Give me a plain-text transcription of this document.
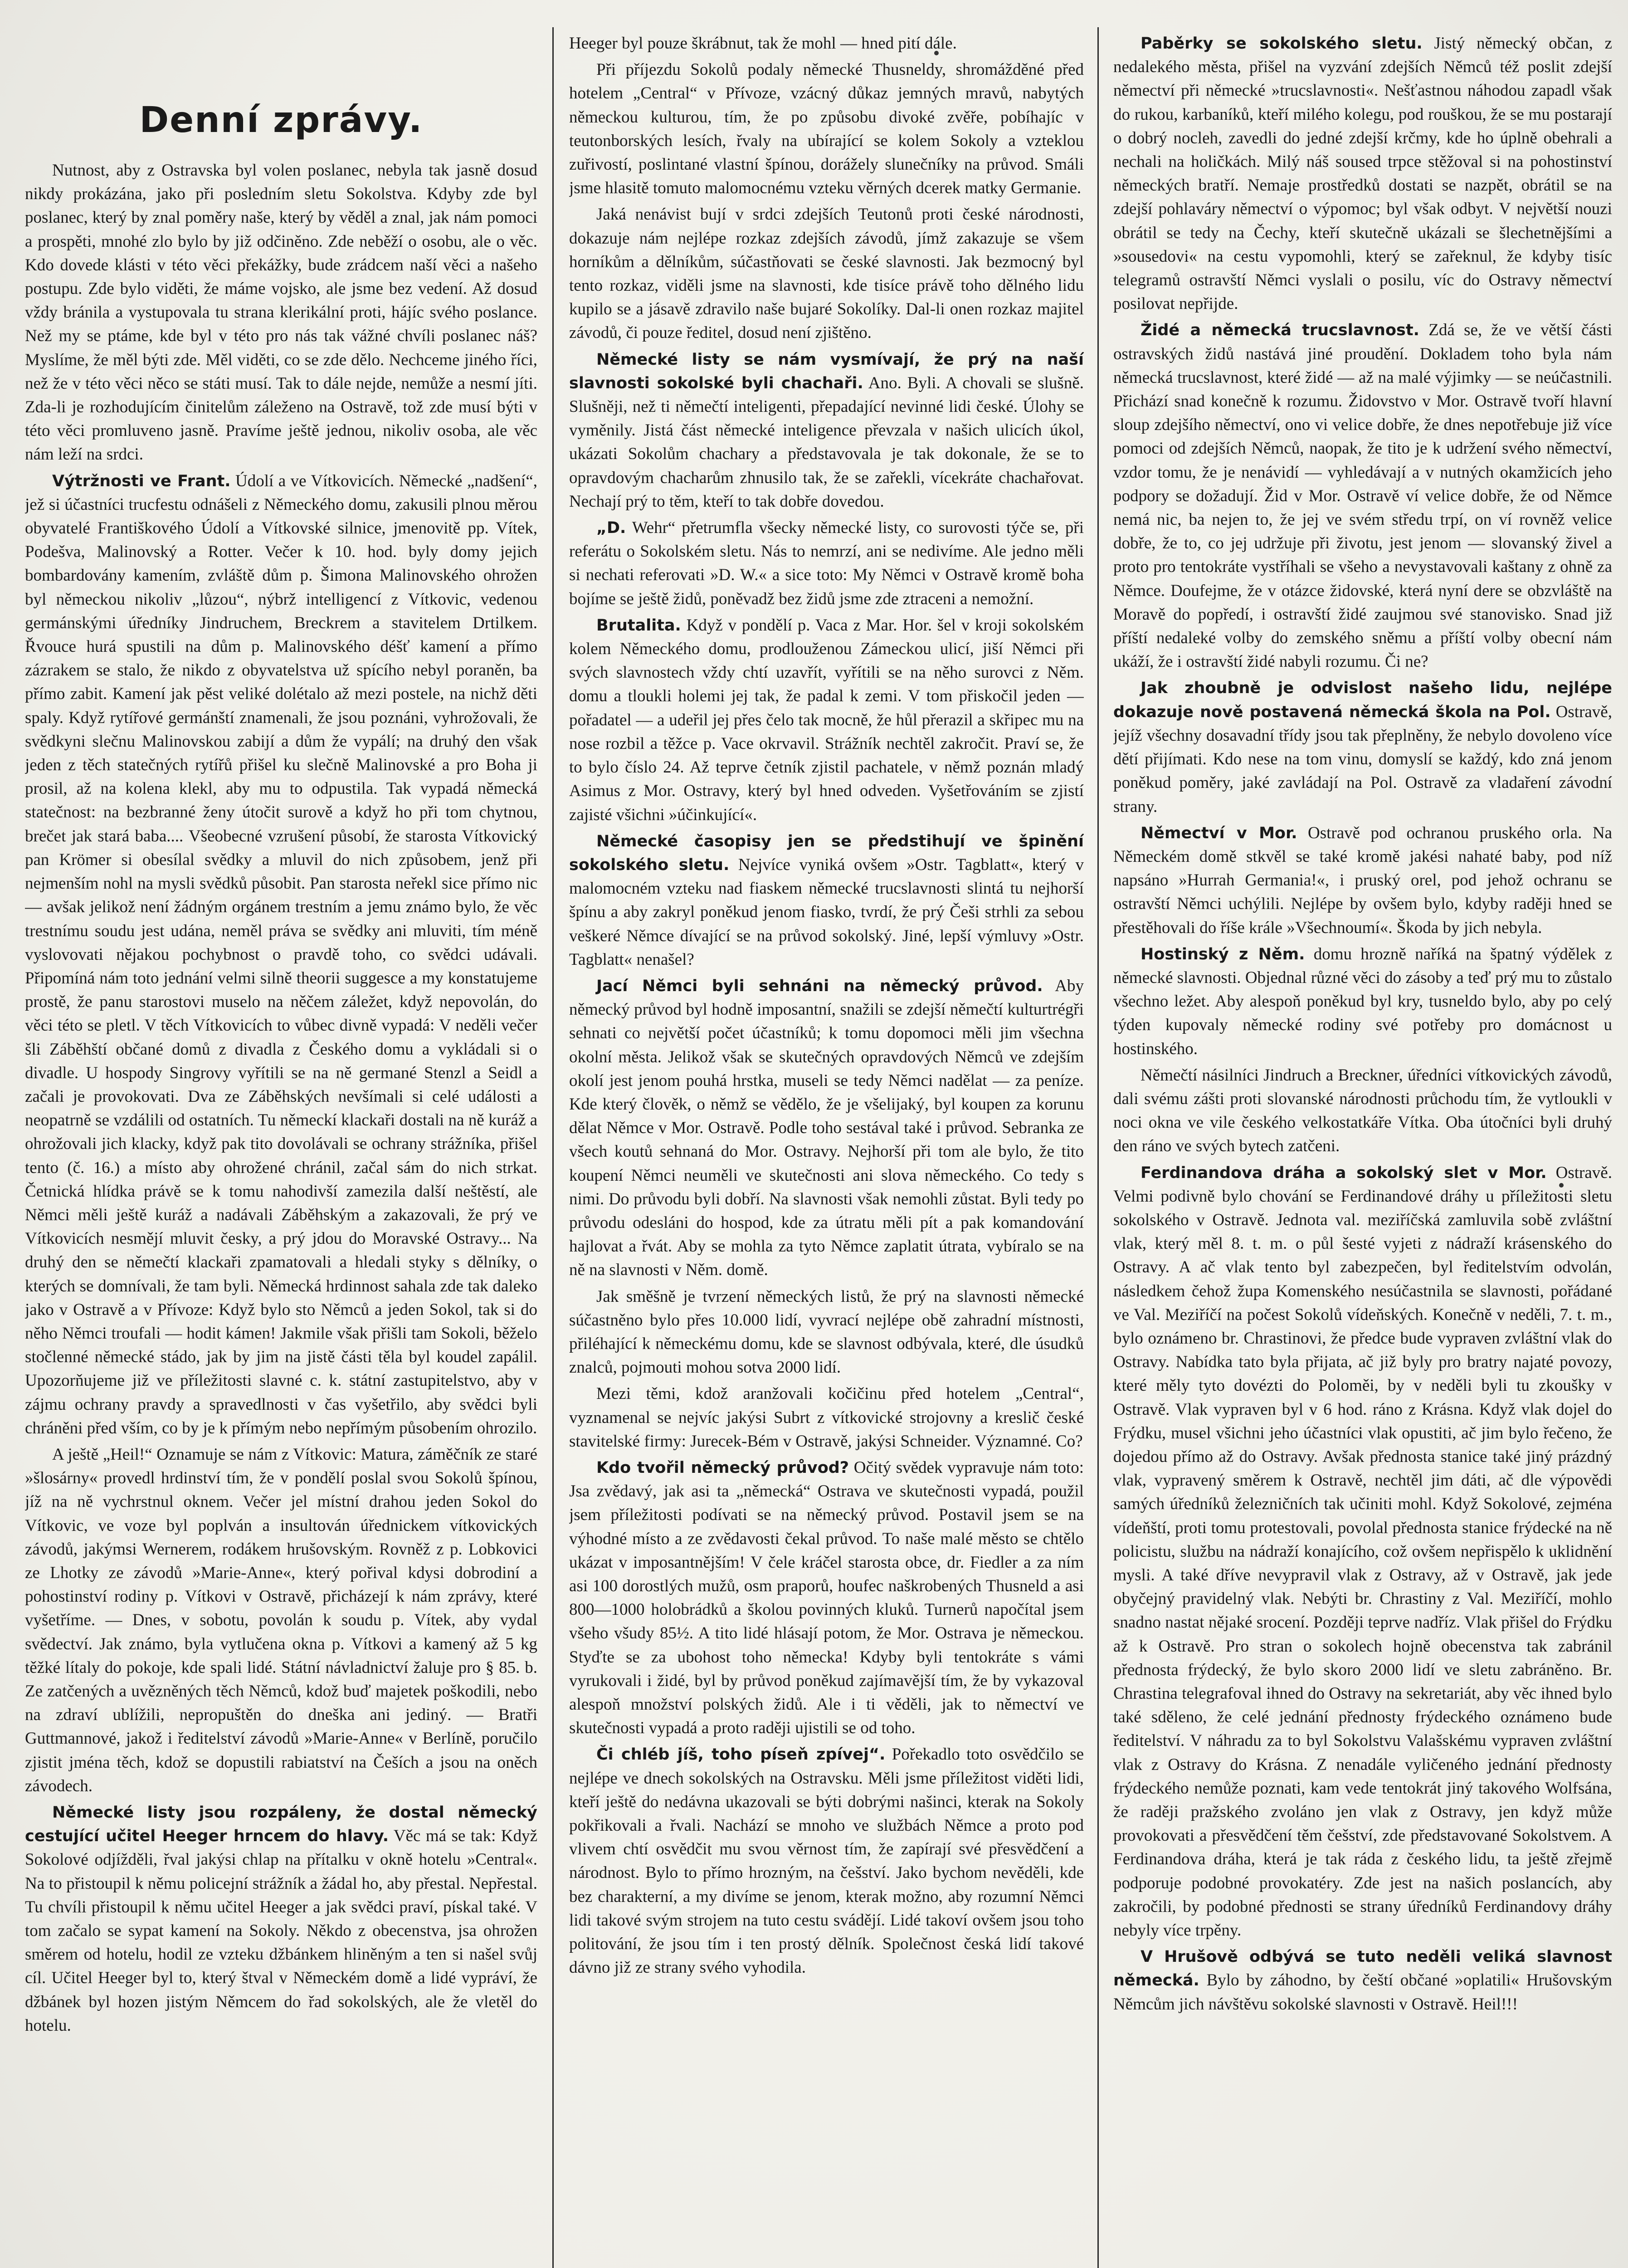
Denní zprávy.

Nutnost, aby z Ostravska byl volen poslanec, nebyla tak jasně dosud nikdy prokázána, jako při posledním sletu Sokolstva. Kdyby zde byl poslanec, který by znal poměry naše, který by věděl a znal, jak nám pomoci a prospěti, mnohé zlo bylo by již odčiněno. Zde neběží o osobu, ale o věc. Kdo dovede klásti v této věci překážky, bude zrádcem naší věci a našeho postupu. Zde bylo viděti, že máme vojsko, ale jsme bez vedení. Až dosud vždy bránila a vystupovala tu strana klerikální proti, hájíc svého poslance. Než my se ptáme, kde byl v této pro nás tak vážné chvíli poslanec náš? Myslíme, že měl býti zde. Měl viděti, co se zde dělo. Nechceme jiného říci, než že v této věci něco se státi musí. Tak to dále nejde, nemůže a nesmí jíti. Zda-li je rozhodujícím činitelům záleženo na Ostravě, tož zde musí býti v této věci promluveno jasně. Pravíme ještě jednou, nikoliv osoba, ale věc nám leží na srdci.

Výtržnosti ve Frant. Údolí a ve Vítkovicích. Německé „nadšení“, jež si účastníci trucfestu odnášeli z Německého domu, zakusili plnou měrou obyvatelé Františkového Údolí a Vítkovské silnice, jmenovitě pp. Vítek, Podešva, Malinovský a Rotter. Večer k 10. hod. byly domy jejich bombardovány kamením, zvláště dům p. Šimona Malinovského ohrožen byl německou nikoliv „lůzou“, nýbrž intelligencí z Vítkovic, vedenou germánskými úředníky Jindruchem, Breckrem a stavitelem Drtilkem. Řvouce hurá spustili na dům p. Malinovského déšť kamení a přímo zázrakem se stalo, že nikdo z obyvatelstva už spícího nebyl poraněn, ba přímo zabit. Kamení jak pěst veliké dolétalo až mezi postele, na nichž děti spaly. Když rytířové germánští znamenali, že jsou poznáni, vyhrožovali, že svědkyni slečnu Malinovskou zabijí a dům že vypálí; na druhý den však jeden z těch statečných rytířů přišel ku slečně Malinovské a pro Boha ji prosil, až na kolena klekl, aby mu to odpustila. Tak vypadá německá statečnost: na bezbranné ženy útočit surově a když ho při tom chytnou, brečet jak stará baba.... Všeobecné vzrušení působí, že starosta Vítkovický pan Krömer si obesílal svědky a mluvil do nich způsobem, jenž při nejmenším nohl na mysli svědků působit. Pan starosta neřekl sice přímo nic — avšak jelikož není žádným orgánem trestním a jemu známo bylo, že věc trestnímu soudu jest udána, neměl práva se svědky ani mluviti, tím méně vyslovovati nějakou pochybnost o pravdě toho, co svědci udávali. Připomíná nám toto jednání velmi silně theorii suggesce a my konstatujeme prostě, že panu starostovi muselo na něčem záležet, když nepovolán, do věci této se pletl. V těch Vítkovicích to vůbec divně vypadá: V neděli večer šli Záběhští občané domů z divadla z Českého domu a vykládali si o divadle. U hospody Singrovy vyřítili se na ně germané Stenzl a Seidl a začali je provokovati. Dva ze Záběhských nevšímali si celé události a neopatrně se vzdálili od ostatních. Tu německí klackaři dostali na ně kuráž a ohrožovali jich klacky, když pak tito dovolávali se ochrany strážníka, přišel tento (č. 16.) a místo aby ohrožené chránil, začal sám do nich strkat. Četnická hlídka právě se k tomu nahodivší zamezila další neštěstí, ale Němci měli ještě kuráž a nadávali Záběhským a zakazovali, že prý ve Vítkovicích nesmějí mluvit česky, a prý jdou do Moravské Ostravy... Na druhý den se němečtí klackaři zpamatovali a hledali styky s dělníky, o kterých se domnívali, že tam byli. Německá hrdinnost sahala zde tak daleko jako v Ostravě a v Přívoze: Když bylo sto Němců a jeden Sokol, tak si do něho Němci troufali — hodit kámen! Jakmile však přišli tam Sokoli, běželo stočlenné německé stádo, jak by jim na jistě části těla byl koudel zapálil. Upozorňujeme již ve příležitosti slavné c. k. státní zastupitelstvo, aby v zájmu ochrany pravdy a spravedlnosti v čas vyšetřilo, aby svědci byli chráněni před vším, co by je k přímým nebo nepřímým působením ohrozilo.

A ještě „Heil!“ Oznamuje se nám z Vítkovic: Matura, záměčník ze staré »šlosárny« provedl hrdinství tím, že v pondělí poslal svou Sokolů špínou, jíž na ně vychrstnul oknem. Večer jel místní drahou jeden Sokol do Vítkovic, ve voze byl poplván a insultován úřednickem vítkovických závodů, jakýmsi Wernerem, rodákem hrušovským. Rovněž z p. Lobkovici ze Lhotky ze závodů »Marie-Anne«, který pořival kdysi dobrodiní a pohostinství rodiny p. Vítkovi v Ostravě, přicházejí k nám zprávy, které vyšetříme. — Dnes, v sobotu, povolán k soudu p. Vítek, aby vydal svědectví. Jak známo, byla vytlučena okna p. Vítkovi a kamený až 5 kg těžké lítaly do pokoje, kde spali lidé. Státní návladnictví žaluje pro § 85. b. Ze zatčených a uvězněných těch Němců, kdož buď majetek poškodili, nebo na zdraví ublížili, nepropuštěn do dneška ani jediný. — Bratři Guttmannové, jakož i ředitelství závodů »Marie-Anne« v Berlíně, poručilo zjistit jména těch, kdož se dopustili rabiatství na Češích a jsou na oněch závodech.

Německé listy jsou rozpáleny, že dostal německý cestující učitel Heeger hrncem do hlavy. Věc má se tak: Když Sokolové odjížděli, řval jakýsi chlap na přítalku v okně hotelu »Central«. Na to přistoupil k němu policejní strážník a žádal ho, aby přestal. Nepřestal. Tu chvíli přistoupil k němu učitel Heeger a jak svědci praví, pískal také. V tom začalo se sypat kamení na Sokoly. Někdo z obecenstva, jsa ohrožen směrem od hotelu, hodil ze vzteku džbánkem hliněným a ten si našel svůj cíl. Učitel Heeger byl to, který štval v Německém domě a lidé vypráví, že džbánek byl hozen jistým Němcem do řad sokolských, ale že vletěl do hotelu.

Heeger byl pouze škrábnut, tak že mohl — hned pití dále.

Při příjezdu Sokolů podaly německé Thusneldy, shromážděné před hotelem „Central“ v Přívoze, vzácný důkaz jemných mravů, nabytých německou kulturou, tím, že po způsobu divoké zvěře, pobíhajíc v teutonborských lesích, řvaly na ubírající se kolem Sokoly a vzteklou zuřivostí, poslintané vlastní špínou, dorážely slunečníky na průvod. Smáli jsme hlasitě tomuto malomocnému vzteku věrných dcerek matky Germanie.

Jaká nenávist bují v srdci zdejších Teutonů proti české národnosti, dokazuje nám nejlépe rozkaz zdejších závodů, jímž zakazuje se všem horníkům a dělníkům, súčastňovati se české slavnosti. Jak bezmocný byl tento rozkaz, viděli jsme na slavnosti, kde tisíce právě toho dělného lidu kupilo se a jásavě zdravilo naše bujaré Sokolíky. Dal-li onen rozkaz majitel závodů, či pouze ředitel, dosud není zjištěno.

Německé listy se nám vysmívají, že prý na naší slavnosti sokolské byli chachaři. Ano. Byli. A chovali se slušně. Slušněji, než ti němečtí inteligenti, přepadající nevinné lidi české. Úlohy se vyměnily. Jistá část německé inteligence převzala v našich ulicích úkol, ukázati Sokolům chachary a představovala je tak dokonale, že se to opravdovým chacharům zhnusilo tak, že se zařekli, vícekráte chachařovat. Nechají prý to těm, kteří to tak dobře dovedou.

„D. Wehr“ přetrumfla všecky německé listy, co surovosti týče se, při referátu o Sokolském sletu. Nás to nemrzí, ani se nedivíme. Ale jedno měli si nechati referovati »D. W.« a sice toto: My Němci v Ostravě kromě boha bojíme se ještě židů, poněvadž bez židů jsme zde ztraceni a nemožní.

Brutalita. Když v pondělí p. Vaca z Mar. Hor. šel v kroji sokolském kolem Německého domu, prodlouženou Zámeckou ulicí, jiší Němci při svých slavnostech vždy chtí uzavřít, vyřítili se na něho surovci z Něm. domu a tloukli holemi jej tak, že padal k zemi. V tom přiskočil jeden — pořadatel — a udeřil jej přes čelo tak mocně, že hůl přerazil a skřipec mu na nose rozbil a těžce p. Vace okrvavil. Strážník nechtěl zakročit. Praví se, že to bylo číslo 24. Až teprve četník zjistil pachatele, v němž poznán mladý Asimus z Mor. Ostravy, který byl hned odveden. Vyšetřováním se zjistí zajisté všichni »účinkující«.

Německé časopisy jen se předstihují ve špinění sokolského sletu. Nejvíce vyniká ovšem »Ostr. Tagblatt«, který v malomocném vzteku nad fiaskem německé trucslavnosti slintá tu nejhorší špínu a aby zakryl poněkud jenom fiasko, tvrdí, že prý Češi strhli za sebou veškeré Němce dívající se na průvod sokolský. Jiné, lepší výmluvy »Ostr. Tagblatt« nenašel?

Jací Němci byli sehnáni na německý průvod. Aby německý průvod byl hodně imposantní, snažili se zdejší němečtí kulturtrégři sehnati co největší počet účastníků; k tomu dopomoci měli jim všechna okolní města. Jelikož však se skutečných opravdových Němců ve zdejším okolí jest jenom pouhá hrstka, museli se tedy Němci nadělat — za peníze. Kde který člověk, o němž se vědělo, že je všelijaký, byl koupen za korunu dělat Němce v Mor. Ostravě. Podle toho sestával také i průvod. Sebranka ze všech koutů sehnaná do Mor. Ostravy. Nejhorší při tom ale bylo, že tito koupení Němci neuměli ve skutečnosti ani slova německého. Co tedy s nimi. Do průvodu byli dobří. Na slavnosti však nemohli zůstat. Byli tedy po průvodu odesláni do hospod, kde za útratu měli pít a pak komandování hajlovat a řvát. Aby se mohla za tyto Němce zaplatit útrata, vybíralo se na ně na slavnosti v Něm. domě.

Jak směšně je tvrzení německých listů, že prý na slavnosti německé súčastněno bylo přes 10.000 lidí, vyvrací nejlépe obě zahradní místnosti, přiléhající k německému domu, kde se slavnost odbývala, které, dle úsudků znalců, pojmouti mohou sotva 2000 lidí.

Mezi těmi, kdož aranžovali kočičinu před hotelem „Central“, vyznamenal se nejvíc jakýsi Subrt z vítkovické strojovny a kreslič české stavitelské firmy: Jurecek-Bém v Ostravě, jakýsi Schneider. Významné. Co?

Kdo tvořil německý průvod? Očitý svědek vypravuje nám toto: Jsa zvědavý, jak asi ta „německá“ Ostrava ve skutečnosti vypadá, použil jsem příležitosti podívati se na německý průvod. Postavil jsem se na výhodné místo a ze zvědavosti čekal průvod. To naše malé město se chtělo ukázat v imposantnějším! V čele kráčel starosta obce, dr. Fiedler a za ním asi 100 dorostlých mužů, osm praporů, houfec naškrobených Thusneld a asi 800—1000 holobrádků a školou povinných kluků. Turnerů napočítal jsem všeho všudy 85½. A tito lidé hlásají potom, že Mor. Ostrava je německou. Styďte se za ubohost toho německa! Kdyby byli tentokráte s vámi vyrukovali i židé, byl by průvod poněkud zajímavější tím, že by vykazoval alespoň množství polských židů. Ale i ti věděli, jak to němectví ve skutečnosti vypadá a proto raději ujistili se od toho.

Či chléb jíš, toho píseň zpívej“. Pořekadlo toto osvědčilo se nejlépe ve dnech sokolských na Ostravsku. Měli jsme příležitost viděti lidi, kteří ještě do nedávna ukazovali se býti dobrými našinci, kterak na Sokoly pokřikovali a řvali. Nachází se mnoho ve službách Němce a proto pod vlivem chtí osvědčit mu svou věrnost tím, že zapírají své přesvědčení a národnost. Bylo to přímo hrozným, na češství. Jako bychom nevěděli, kde bez charakterní, a my divíme se jenom, kterak možno, aby rozumní Němci lidi takové svým strojem na tuto cestu svádějí. Lidé takoví ovšem jsou toho politování, že jsou tím i ten prostý dělník. Společnost česká lidí takové dávno již ze strany svého vyhodila.

Paběrky se sokolského sletu. Jistý německý občan, z nedalekého města, přišel na vyzvání zdejších Němců též poslit zdejší němectví při německé »trucslavnosti«. Nešťastnou náhodou zapadl však do rukou, karbaníků, kteří milého kolegu, pod rouškou, že se mu postarají o dobrý nocleh, zavedli do jedné zdejší krčmy, kde ho úplně obehrali a nechali na holičkách. Milý náš soused trpce stěžoval si na pohostinství německých bratří. Nemaje prostředků dostati se nazpět, obrátil se na zdejší pohlaváry němectví o výpomoc; byl však odbyt. V největší nouzi obrátil se tedy na Čechy, kteří skutečně ukázali se šlechetnějšími a »sousedovi« na cestu vypomohli, který se zařeknul, že kdyby tisíc telegramů ostravští Němci vyslali o posilu, víc do Ostravy němectví posilovat nepřijde.

Židé a německá trucslavnost. Zdá se, že ve větší části ostravských židů nastává jiné proudění. Dokladem toho byla nám německá trucslavnost, které židé — až na malé výjimky — se neúčastnili. Přichází snad konečně k rozumu. Židovstvo v Mor. Ostravě tvoří hlavní sloup zdejšího němectví, ono vi velice dobře, že dnes nepotřebuje již více pomoci od zdejších Němců, naopak, že tito je k udržení svého němectví, vzdor tomu, že je nenávidí — vyhledávají a v nutných okamžicích jeho podpory se dožadují. Žid v Mor. Ostravě ví velice dobře, že od Němce nemá nic, ba nejen to, že jej ve svém středu trpí, on ví rovněž velice dobře, že to, co jej udržuje při životu, jest jenom — slovanský živel a proto pro tentokráte vystříhali se všeho a nevystavovali kaštany z ohně za Němce. Doufejme, že v otázce židovské, která nyní dere se obzvláště na Moravě do popředí, i ostravští židé zaujmou své stanovisko. Snad již příští nedaleké volby do zemského sněmu a příští volby obecní nám ukáží, že i ostravští židé nabyli rozumu. Či ne?

Jak zhoubně je odvislost našeho lidu, nejlépe dokazuje nově postavená německá škola na Pol. Ostravě, jejíž všechny dosavadní třídy jsou tak přeplněny, že nebylo dovoleno více dětí přijímati. Kdo nese na tom vinu, domyslí se každý, kdo zná jenom poněkud poměry, jaké zavládají na Pol. Ostravě za vladaření závodní strany.

Němectví v Mor. Ostravě pod ochranou pruského orla. Na Německém domě stkvěl se také kromě jakési nahaté baby, pod níž napsáno »Hurrah Germania!«, i pruský orel, pod jehož ochranu se ostravští Němci uchýlili. Nejlépe by ovšem bylo, kdyby raději hned se přestěhovali do říše krále »Všechnoumí«. Škoda by jich nebyla.

Hostinský z Něm. domu hrozně naříká na špatný výdělek z německé slavnosti. Objednal různé věci do zásoby a teď prý mu to zůstalo všechno ležet. Aby alespoň poněkud byl kry, tusneldo bylo, aby po celý týden kupovaly německé rodiny své potřeby pro domácnost u hostinského.

Němečtí násilníci Jindruch a Breckner, úředníci vítkovických závodů, dali svému zášti proti slovanské národnosti průchodu tím, že vytloukli v noci okna ve vile českého velkostatkáře Vítka. Oba útočníci byli druhý den ráno ve svých bytech zatčeni.

Ferdinandova dráha a sokolský slet v Mor. Ostravě. Velmi podivně bylo chování se Ferdinandové dráhy u příležitosti sletu sokolského v Ostravě. Jednota val. meziříčská zamluvila sobě zvláštní vlak, který měl 8. t. m. o půl šesté vyjeti z nádraží krásenského do Ostravy. A ač vlak tento byl zabezpečen, byl ředitelstvím odvolán, následkem čehož župa Komenského nesúčastnila se slavnosti, pořádané ve Val. Meziříčí na počest Sokolů vídeňských. Konečně v neděli, 7. t. m., bylo oznámeno br. Chrastinovi, že předce bude vypraven zvláštní vlak do Ostravy. Nabídka tato byla přijata, ač již byly pro bratry najaté povozy, které měly tyto dovézti do Poloměi, by v neděli byli tu zkoušky v Ostravě. Vlak vypraven byl v 6 hod. ráno z Krásna. Když vlak dojel do Frýdku, musel všichni jeho účastníci vlak opustiti, ač jim bylo řečeno, že dojedou přímo až do Ostravy. Avšak přednosta stanice také jiný prázdný vlak, vypravený směrem k Ostravě, nechtěl jim dáti, ač dle výpovědi samých úředníků železničních tak učiniti mohl. Když Sokolové, zejména vídeňští, proti tomu protestovali, povolal přednosta stanice frýdecké na ně policistu, službu na nádraží konajícího, což ovšem nepřispělo k uklidnění mysli. A také dříve nevypravil vlak z Ostravy, až v Ostravě, jak jede obyčejný pravidelný vlak. Nebýti br. Chrastiny z Val. Meziříčí, mohlo snadno nastat nějaké srocení. Později teprve nadříz. Vlak přišel do Frýdku až k Ostravě. Pro stran o sokolech hojně obecenstva tak zabránil přednosta frýdecký, že bylo skoro 2000 lidí ve sletu zabráněno. Br. Chrastina telegrafoval ihned do Ostravy na sekretariát, aby věc ihned bylo také sděleno, že celé jednání přednosty frýdeckého oznámeno bude ředitelství. V náhradu za to byl Sokolstvu Valašskému vypraven zvláštní vlak z Ostravy do Krásna. Z nenadále vyličeného jednání přednosty frýdeckého nemůže poznati, kam vede tentokrát jiný takového Wolfsána, že raději pražského zvoláno jen vlak z Ostravy, jen když může provokovati a přesvědčení těm češství, zde představované Sokolstvem. A Ferdinandova dráha, která je tak ráda z českého lidu, ta ještě zřejmě podporuje podobné provokatéry. Zde jest na našich poslancích, aby zakročili, by podobné přednosti se strany úředníků Ferdinandovy dráhy nebyly více trpěny.

V Hrušově odbývá se tuto neděli veliká slavnost německá. Bylo by záhodno, by čeští občané »oplatili« Hrušovským Němcům jich návštěvu sokolské slavnosti v Ostravě. Heil!!!
